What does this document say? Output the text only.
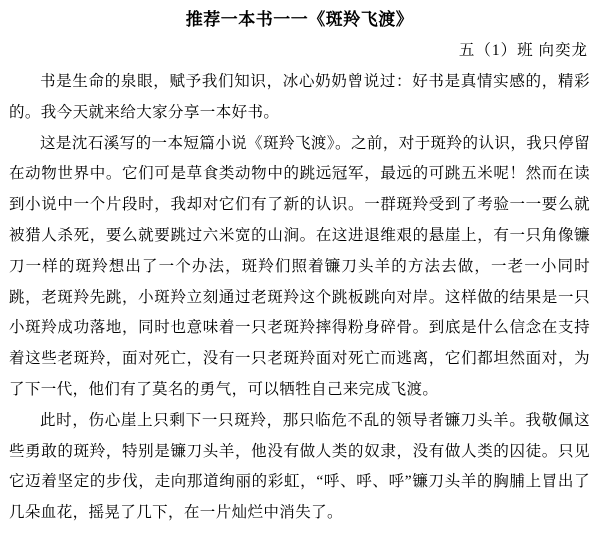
推荐一本书一一《斑羚飞渡》
五（1）班 向奕龙

书是生命的泉眼，赋予我们知识，冰心奶奶曾说过：好书是真情实感的，精彩的。我今天就来给大家分享一本好书。

这是沈石溪写的一本短篇小说《斑羚飞渡》。之前，对于斑羚的认识，我只停留在动物世界中。它们可是草食类动物中的跳远冠军，最远的可跳五米呢！然而在读到小说中一个片段时，我却对它们有了新的认识。一群斑羚受到了考验一一要么就被猎人杀死，要么就要跳过六米宽的山涧。在这进退维艰的悬崖上，有一只角像镰刀一样的斑羚想出了一个办法，斑羚们照着镰刀头羊的方法去做，一老一小同时跳，老斑羚先跳，小斑羚立刻通过老斑羚这个跳板跳向对岸。这样做的结果是一只小斑羚成功落地，同时也意味着一只老斑羚摔得粉身碎骨。到底是什么信念在支持着这些老斑羚，面对死亡，没有一只老斑羚面对死亡而逃离，它们都坦然面对，为了下一代，他们有了莫名的勇气，可以牺牲自己来完成飞渡。

此时，伤心崖上只剩下一只斑羚，那只临危不乱的领导者镰刀头羊。我敬佩这些勇敢的斑羚，特别是镰刀头羊，他没有做人类的奴隶，没有做人类的囚徒。只见它迈着坚定的步伐，走向那道绚丽的彩虹，“呼、呼、呼”镰刀头羊的胸脯上冒出了几朵血花，摇晃了几下，在一片灿烂中消失了。
